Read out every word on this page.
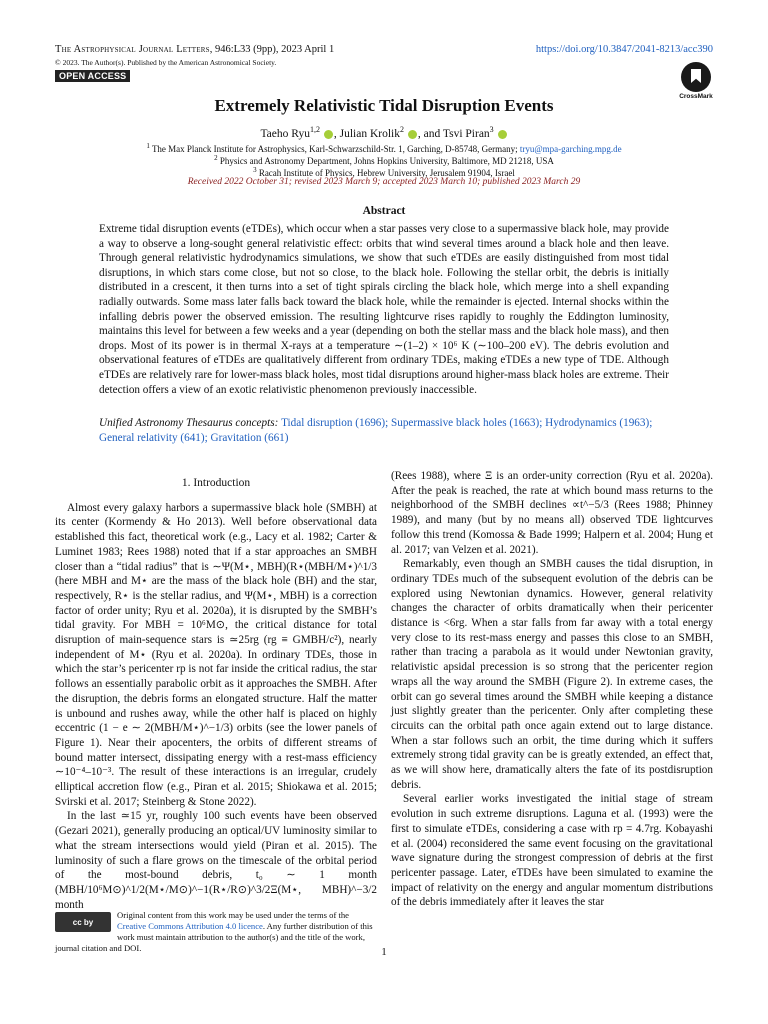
The Astrophysical Journal Letters, 946:L33 (9pp), 2023 April 1	https://doi.org/10.3847/2041-8213/acc390
© 2023. The Author(s). Published by the American Astronomical Society.
OPEN ACCESS
CrossMark
Extremely Relativistic Tidal Disruption Events
Taeho Ryu$^{1,2}$ , Julian Krolik$^2$ , and Tsvi Piran$^3$
$^1$ The Max Planck Institute for Astrophysics, Karl-Schwarzschild-Str. 1, Garching, D-85748, Germany; tryu@mpa-garching.mpg.de
$^2$ Physics and Astronomy Department, Johns Hopkins University, Baltimore, MD 21218, USA
$^3$ Racah Institute of Physics, Hebrew University, Jerusalem 91904, Israel
Received 2022 October 31; revised 2023 March 9; accepted 2023 March 10; published 2023 March 29
Abstract
Extreme tidal disruption events (eTDEs), which occur when a star passes very close to a supermassive black hole, may provide a way to observe a long-sought general relativistic effect: orbits that wind several times around a black hole and then leave. Through general relativistic hydrodynamics simulations, we show that such eTDEs are easily distinguished from most tidal disruptions, in which stars come close, but not so close, to the black hole. Following the stellar orbit, the debris is initially distributed in a crescent, it then turns into a set of tight spirals circling the black hole, which merge into a shell expanding radially outwards. Some mass later falls back toward the black hole, while the remainder is ejected. Internal shocks within the infalling debris power the observed emission. The resulting lightcurve rises rapidly to roughly the Eddington luminosity, maintains this level for between a few weeks and a year (depending on both the stellar mass and the black hole mass), and then drops. Most of its power is in thermal X-rays at a temperature ∼(1–2) × 10⁶ K (∼100–200 eV). The debris evolution and observational features of eTDEs are qualitatively different from ordinary TDEs, making eTDEs a new type of TDE. Although eTDEs are relatively rare for lower-mass black holes, most tidal disruptions around higher-mass black holes are extreme. Their detection offers a view of an exotic relativistic phenomenon previously inaccessible.
Unified Astronomy Thesaurus concepts: Tidal disruption (1696); Supermassive black holes (1663); Hydrodynamics (1963); General relativity (641); Gravitation (661)
1. Introduction

Almost every galaxy harbors a supermassive black hole (SMBH) at its center (Kormendy & Ho 2013). Well before observational data established this fact, theoretical work (e.g., Lacy et al. 1982; Carter & Luminet 1983; Rees 1988) noted that if a star approaches an SMBH closer than a “tidal radius” that is ∼Ψ(M⋆, MBH)(R⋆(MBH/M⋆)^1/3 (here MBH and M⋆ are the mass of the black hole (BH) and the star, respectively, R⋆ is the stellar radius, and Ψ(M⋆, MBH) is a correction factor of order unity; Ryu et al. 2020a), it is disrupted by the SMBH’s tidal gravity. For MBH = 10⁶M⊙, the critical distance for total disruption of main-sequence stars is ≃25rg (rg ≡ GMBH/c²), nearly independent of M⋆ (Ryu et al. 2020a). In ordinary TDEs, those in which the star’s pericenter rp is not far inside the critical radius, the star follows an essentially parabolic orbit as it approaches the SMBH. After the disruption, the debris forms an elongated structure. Half the matter is unbound and rushes away, while the other half is placed on highly eccentric (1 − e ∼ 2(MBH/M⋆)^−1/3) orbits (see the lower panels of Figure 1). Near their apocenters, the orbits of different streams of bound matter intersect, dissipating energy with a rest-mass efficiency ∼10⁻⁴–10⁻³. The result of these interactions is an irregular, crudely elliptical accretion flow (e.g., Piran et al. 2015; Shiokawa et al. 2015; Svirski et al. 2017; Steinberg & Stone 2022).

In the last ≃15 yr, roughly 100 such events have been observed (Gezari 2021), generally producing an optical/UV luminosity similar to what the stream intersections would yield (Piran et al. 2015). The luminosity of such a flare grows on the timescale of the orbital period of the most-bound debris, t₀ ∼ 1 month (MBH/10⁶M⊙)^1/2(M⋆/M⊙)^−1(R⋆/R⊙)^3/2Ξ(M⋆, MBH)^−3/2 month

(Rees 1988), where Ξ is an order-unity correction (Ryu et al. 2020a). After the peak is reached, the rate at which bound mass returns to the neighborhood of the SMBH declines ∝t^−5/3 (Rees 1988; Phinney 1989), and many (but by no means all) observed TDE lightcurves follow this trend (Komossa & Bade 1999; Halpern et al. 2004; Hung et al. 2017; van Velzen et al. 2021).

Remarkably, even though an SMBH causes the tidal disruption, in ordinary TDEs much of the subsequent evolution of the debris can be explored using Newtonian dynamics. However, general relativity changes the character of orbits dramatically when their pericenter distance is <6rg. When a star falls from far away with a total energy very close to its rest-mass energy and passes this close to an SMBH, rather than tracing a parabola as it would under Newtonian gravity, relativistic apsidal precession is so strong that the pericenter region wraps all the way around the SMBH (Figure 2). In extreme cases, the orbit can go several times around the SMBH while keeping a distance just slightly greater than the pericenter. Only after completing these circuits can the orbital path once again extend out to large distance. When a star follows such an orbit, the time during which it suffers extremely strong tidal gravity can be is greatly extended, an effect that, as we will show here, dramatically alters the fate of its postdisruption debris.

Several earlier works investigated the initial stage of stream evolution in such extreme disruptions. Laguna et al. (1993) were the first to simulate eTDEs, considering a case with rp = 4.7rg. Kobayashi et al. (2004) reconsidered the same event focusing on the gravitational wave signature during the strongest compression of debris at the first pericenter passage. Later, eTDEs have been simulated to examine the impact of relativity on the energy and angular momentum distributions of the debris immediately after it leaves the star

cc by
Original content from this work may be used under the terms of the Creative Commons Attribution 4.0 licence. Any further distribution of this work must maintain attribution to the author(s) and the title of the work, journal citation and DOI.	1
